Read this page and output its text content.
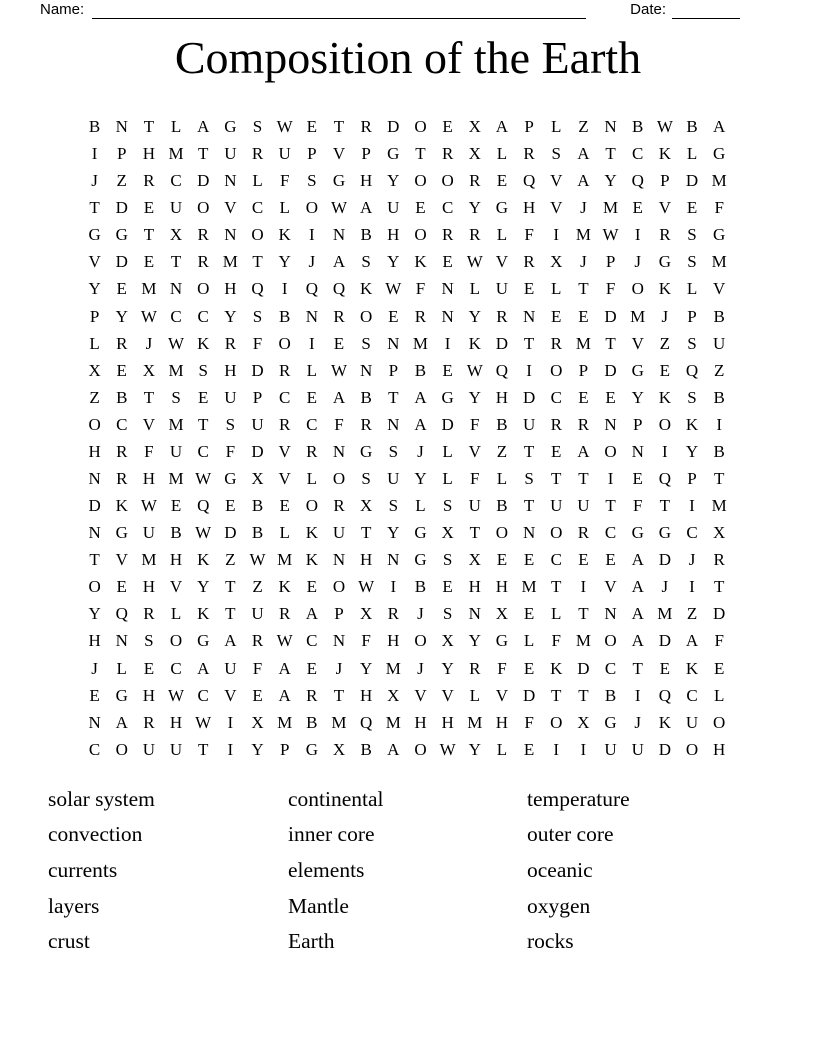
Name:	Date:
Composition of the Earth
B N T L A G S W E T R D O E X A P	L Z N B W B A
I	P H M T U R U P V P G T R X L R S A T C K L G
J	Z R C D N L	F	S G H Y O O R E Q V A Y Q P D M
T D E U O V C L O W A U E C Y G H V	J M E V E	F
G G T X R N O K	I	N B H O R R L	F	I M W I	R S G
V D E T R M T Y	J	A S Y K E W V R X	J	P	J	G S M
Y E M N O H Q	I	Q Q K W F N L U E L T	F O K L V
P Y W C C Y S B N R O E R N Y R N E E D M J	P B
L R	J W K R F O	I	E	S N M I	K D T R M T V Z	S U
X E X M S H D R L W N P B E W Q	I	O P D G E Q Z
Z B T	S	E U P C E A B T A G Y H D C E E Y K S B
O C V M T	S U R C F R N A D F B U R R N P O K	I
H R F U C F D V R N G S	J	L V Z T E A O N	I	Y B
N R H M W G X V L O S U Y L	F	L	S	T T	I	E Q P	T
D K W E Q E B E O R X S	L	S U B T U U T	F	T	I M
N G U B W D B L K U T Y G X T O N O R C G G C X
T V M H K Z W M K N H N G S X E E C E E A D	J	R
O E H V Y T Z K E O W I	B E H H M T	I	V A	J	I	T
Y Q R L K T U R A P X R	J	S N X E L T N A M Z D
H N S O G A R W C N F H O X Y G L	F M O A D A F
J	L E C A U F A E	J	Y M J	Y R F	E K D C T E K E
E G H W C V E A R T H X V V L V D T T B	I	Q C L
N A R H W I	X M B M Q M H H M H F O X G	J	K U O
C O U U T	I	Y P G X B A O W Y L E	I	I	U U D O H
solar system
convection
currents
layers
crust
continental
inner core
elements
Mantle
Earth
temperature
outer core
oceanic
oxygen
rocks
